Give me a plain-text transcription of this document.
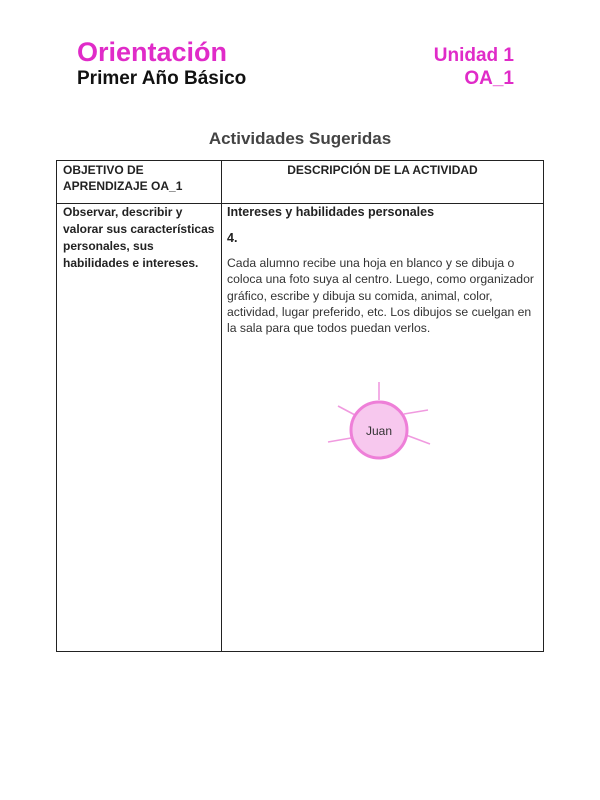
Orientación
Primer Año Básico
Unidad 1
OA_1
Actividades Sugeridas
OBJETIVO DE APRENDIZAJE OA_1
DESCRIPCIÓN DE LA ACTIVIDAD
Observar, describir y valorar sus características personales, sus habilidades e intereses.
Intereses y habilidades personales
4.
Cada alumno recibe una hoja en blanco y se dibuja o coloca una foto suya al centro. Luego, como organizador gráfico, escribe y dibuja su comida, animal, color, actividad, lugar preferido, etc. Los dibujos se cuelgan en la sala para que todos puedan verlos.
Juan
